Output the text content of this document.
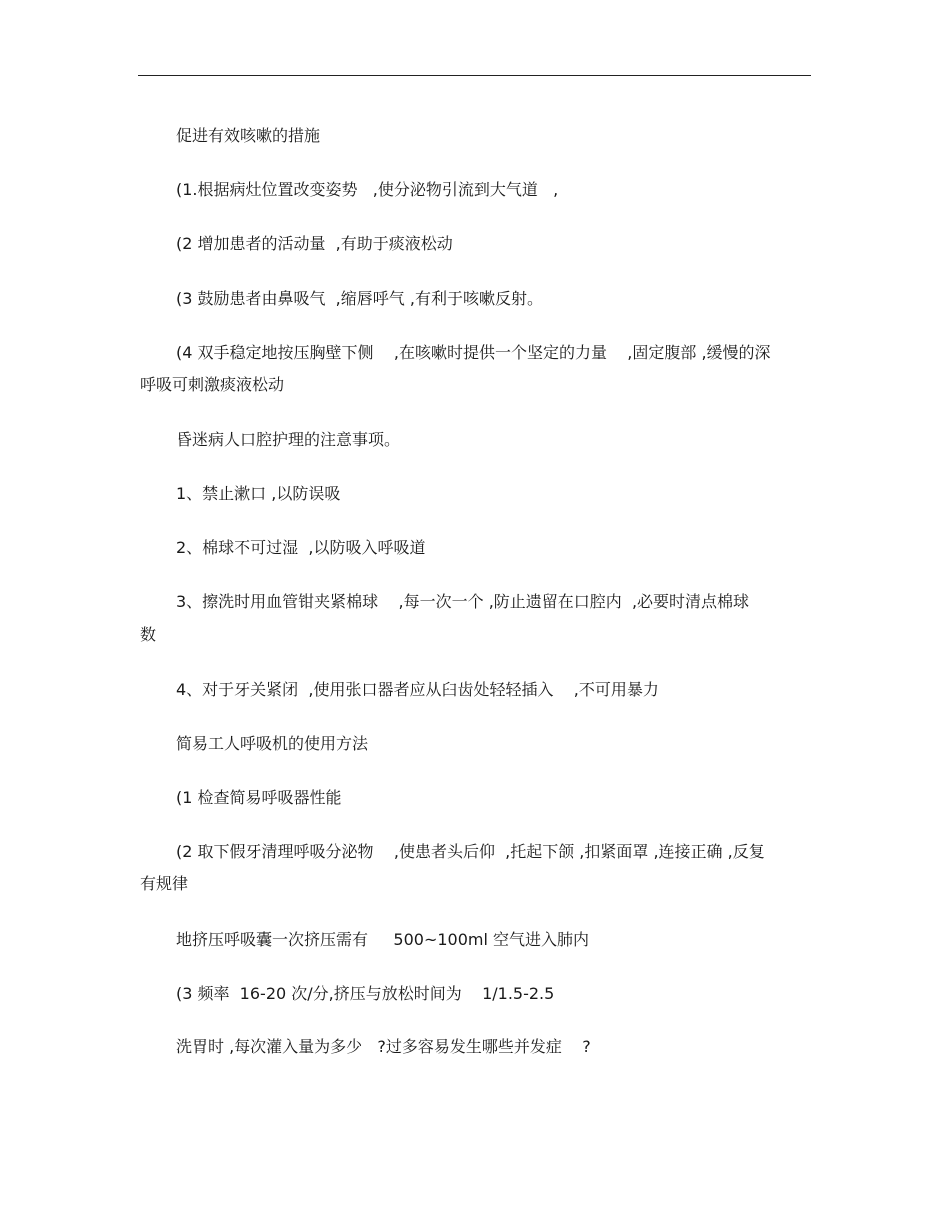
促进有效咳嗽的措施
(1.根据病灶位置改变姿势   ,使分泌物引流到大气道   ,
(2 增加患者的活动量  ,有助于痰液松动
(3 鼓励患者由鼻吸气  ,缩唇呼气 ,有利于咳嗽反射。
(4 双手稳定地按压胸壁下侧    ,在咳嗽时提供一个坚定的力量    ,固定腹部 ,缓慢的深
呼吸可刺激痰液松动
昏迷病人口腔护理的注意事项。
1、禁止漱口 ,以防误吸
2、棉球不可过湿  ,以防吸入呼吸道
3、擦洗时用血管钳夹紧棉球    ,每一次一个 ,防止遗留在口腔内  ,必要时清点棉球
数
4、对于牙关紧闭  ,使用张口器者应从臼齿处轻轻插入    ,不可用暴力
简易工人呼吸机的使用方法
(1 检查简易呼吸器性能
(2 取下假牙清理呼吸分泌物    ,使患者头后仰  ,托起下颌 ,扣紧面罩 ,连接正确 ,反复
有规律
地挤压呼吸囊一次挤压需有     500~100ml 空气进入肺内
(3 频率  16-20 次/分,挤压与放松时间为    1/1.5-2.5
洗胃时 ,每次灌入量为多少   ?过多容易发生哪些并发症    ?
